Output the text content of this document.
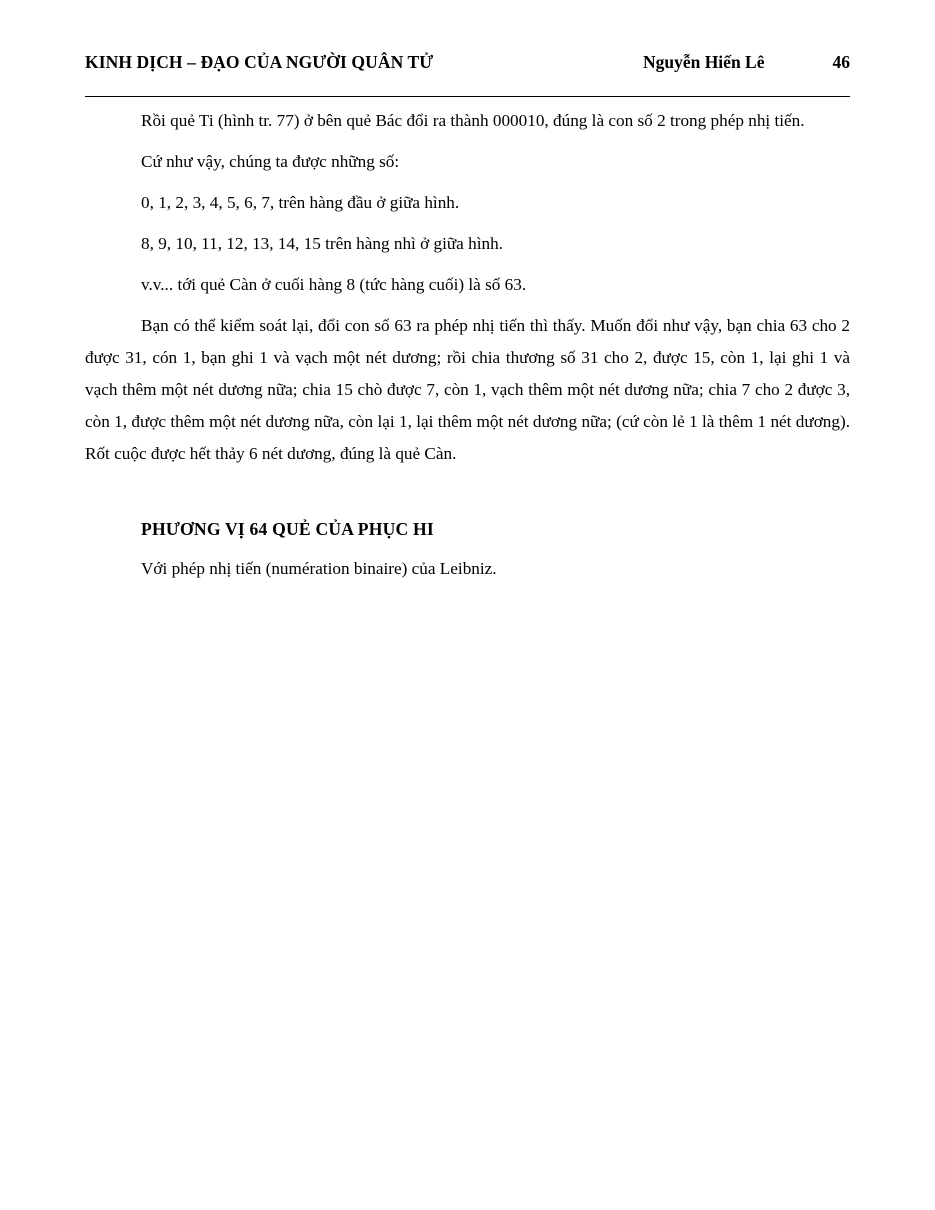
KINH DỊCH – ĐẠO CỦA NGƯỜI QUÂN TỬ	Nguyễn Hiến Lê	46

Rồi quẻ Ti (hình tr. 77) ở bên quẻ Bác đổi ra thành 000010, đúng là con số 2 trong phép nhị tiến.

Cứ như vậy, chúng ta được những số:

0, 1, 2, 3, 4, 5, 6, 7, trên hàng đầu ở giữa hình.

8, 9, 10, 11, 12, 13, 14, 15 trên hàng nhì ở giữa hình.

v.v... tới quẻ Càn ở cuối hàng 8 (tức hàng cuối) là số 63.

Bạn có thể kiểm soát lại, đổi con số 63 ra phép nhị tiến thì thấy. Muốn đổi như vậy, bạn chia 63 cho 2 được 31, cón 1, bạn ghi 1 và vạch một nét dương; rồi chia thương số 31 cho 2, được 15, còn 1, lại ghi 1 và vạch thêm một nét dương nữa; chia 15 chò được 7, còn 1, vạch thêm một nét dương nữa; chia 7 cho 2 được 3, còn 1, được thêm một nét dương nữa, còn lại 1, lại thêm một nét dương nữa; (cứ còn lẻ 1 là thêm 1 nét dương). Rốt cuộc được hết thảy 6 nét dương, đúng là quẻ Càn.

PHƯƠNG VỊ 64 QUẺ CỦA PHỤC HI

Với phép nhị tiến (numération binaire) của Leibniz.
